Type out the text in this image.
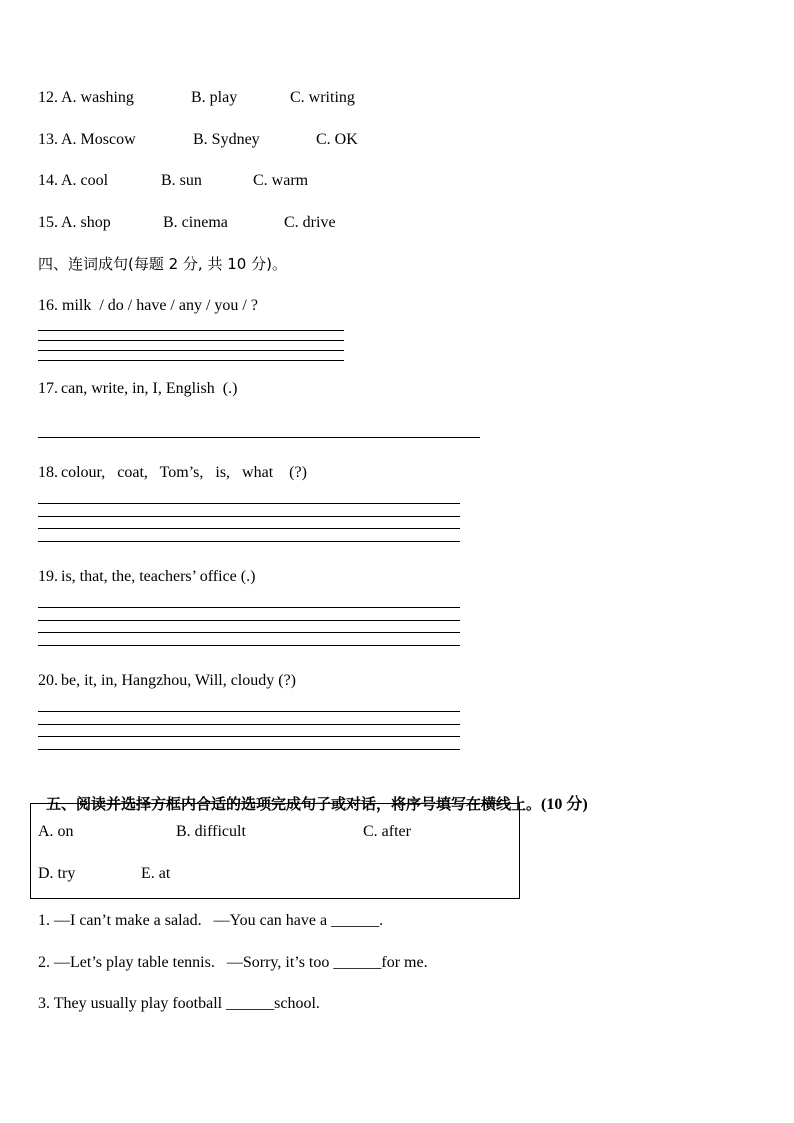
12. A. washing	B. play	C. writing
13. A. Moscow	B. Sydney	C. OK
14. A. cool	B. sun	C. warm
15. A. shop	B. cinema	C. drive
四、连词成句(每题 2 分, 共 10 分)。
16. milk  / do / have / any / you / ?
17. can, write, in, I, English  (.)
18. colour,   coat,   Tom’s,   is,   what    (?)
19. is, that, the, teachers’ office (.)
20. be, it, in, Hangzhou, Will, cloudy (?)

五、阅读并选择方框内合适的选项完成句子或对话，将序号填写在横线上。(10 分)

A. on	B. difficult	C. after
D. try	E. at
1. —I can’t make a salad.   —You can have a ______.
2. —Let’s play table tennis.   —Sorry, it’s too ______for me.
3. They usually play football ______school.
